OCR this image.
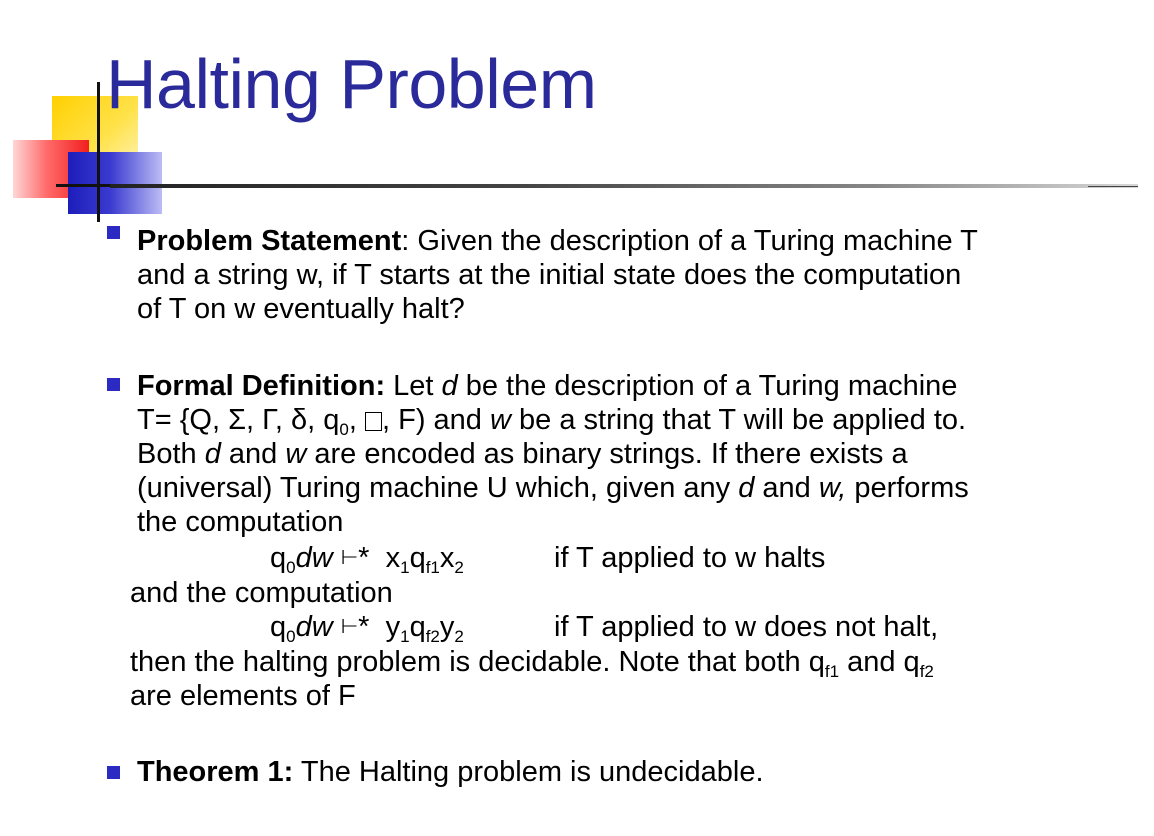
Halting Problem
Problem Statement: Given the description of a Turing machine T
and a string w, if T starts at the initial state does the computation
of T on w eventually halt?
Formal Definition: Let d be the description of a Turing machine
T= {Q, Σ, Γ, δ, $q_0$, , F) and w be a string that T will be applied to.
Both d and w are encoded as binary strings. If there exists a
(universal) Turing machine U which, given any d and w, performs
the computation
$q_0dw$ ⊢* $x_1q_{f1}x_2$	if T applied to w halts
and the computation
$q_0dw$ ⊢* $y_1q_{f2}y_2$	if T applied to w does not halt,
then the halting problem is decidable. Note that both $q_{f1}$ and $q_{f2}$
are elements of F
Theorem 1: The Halting problem is undecidable.
